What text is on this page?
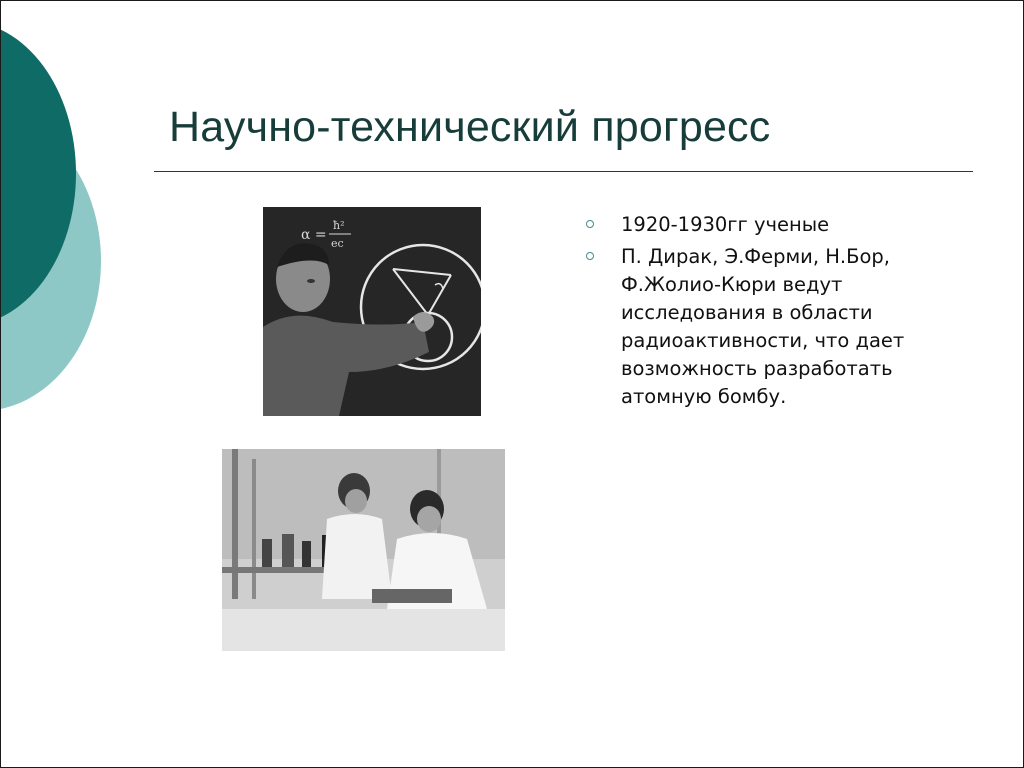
Научно-технический прогресс
α =
ħ²
ec
1920-1930гг ученые
П. Дирак, Э.Ферми, Н.Бор,
Ф.Жолио-Кюри ведут
исследования в области
радиоактивности, что дает
возможность разработать
атомную бомбу.
